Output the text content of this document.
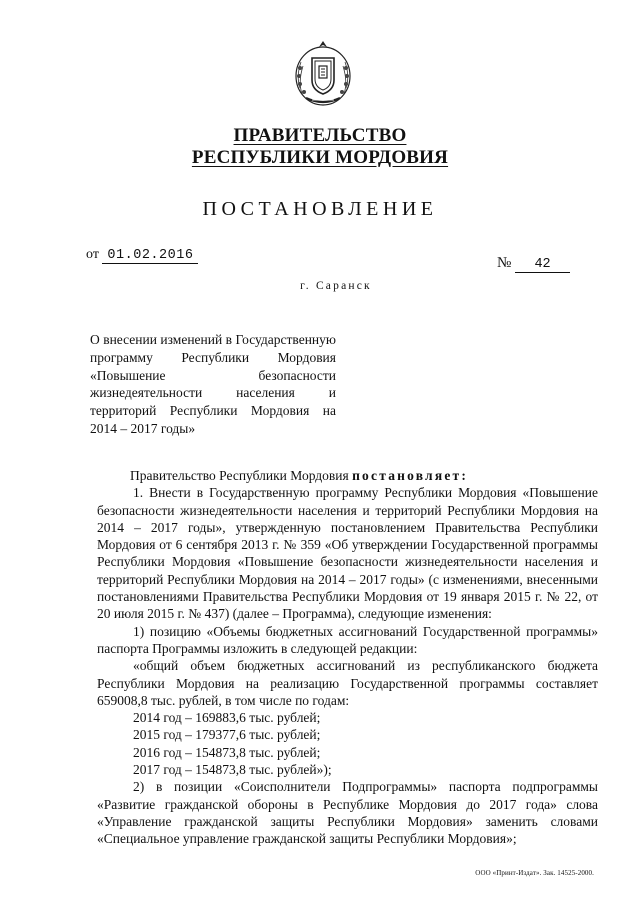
ПРАВИТЕЛЬСТВО
РЕСПУБЛИКИ МОРДОВИЯ
ПОСТАНОВЛЕНИЕ
от 01.02.2016	№ 42
г. Саранск

О внесении изменений в Государственную программу Республики Мордовия «Повышение безопасности жизнедеятельности населения и территорий Республики Мордовия на 2014 – 2017 годы»

Правительство Республики Мордовия постановляет:

1. Внести в Государственную программу Республики Мордовия «Повышение безопасности жизнедеятельности населения и территорий Республики Мордовия на 2014 – 2017 годы», утвержденную постановлением Правительства Республики Мордовия от 6 сентября 2013 г. № 359 «Об утверждении Государственной программы Республики Мордовия «Повышение безопасности жизнедеятельности населения и территорий Республики Мордовия на 2014 – 2017 годы» (с изменениями, внесенными постановлениями Правительства Республики Мордовия от 19 января 2015 г. № 22, от 20 июля 2015 г. № 437) (далее – Программа), следующие изменения:

1) позицию «Объемы бюджетных ассигнований Государственной программы» паспорта Программы изложить в следующей редакции:

«общий объем бюджетных ассигнований из республиканского бюджета Республики Мордовия на реализацию Государственной программы составляет 659008,8 тыс. рублей, в том числе по годам:

2014 год – 169883,6 тыс. рублей;

2015 год – 179377,6 тыс. рублей;

2016 год – 154873,8 тыс. рублей;

2017 год – 154873,8 тыс. рублей»);

2) в позиции «Соисполнители Подпрограммы» паспорта подпрограммы «Развитие гражданской обороны в Республике Мордовия до 2017 года» слова «Управление гражданской защиты Республики Мордовия» заменить словами «Специальное управление гражданской защиты Республики Мордовия»;

ООО «Принт-Издат». Зак. 14525-2000.
